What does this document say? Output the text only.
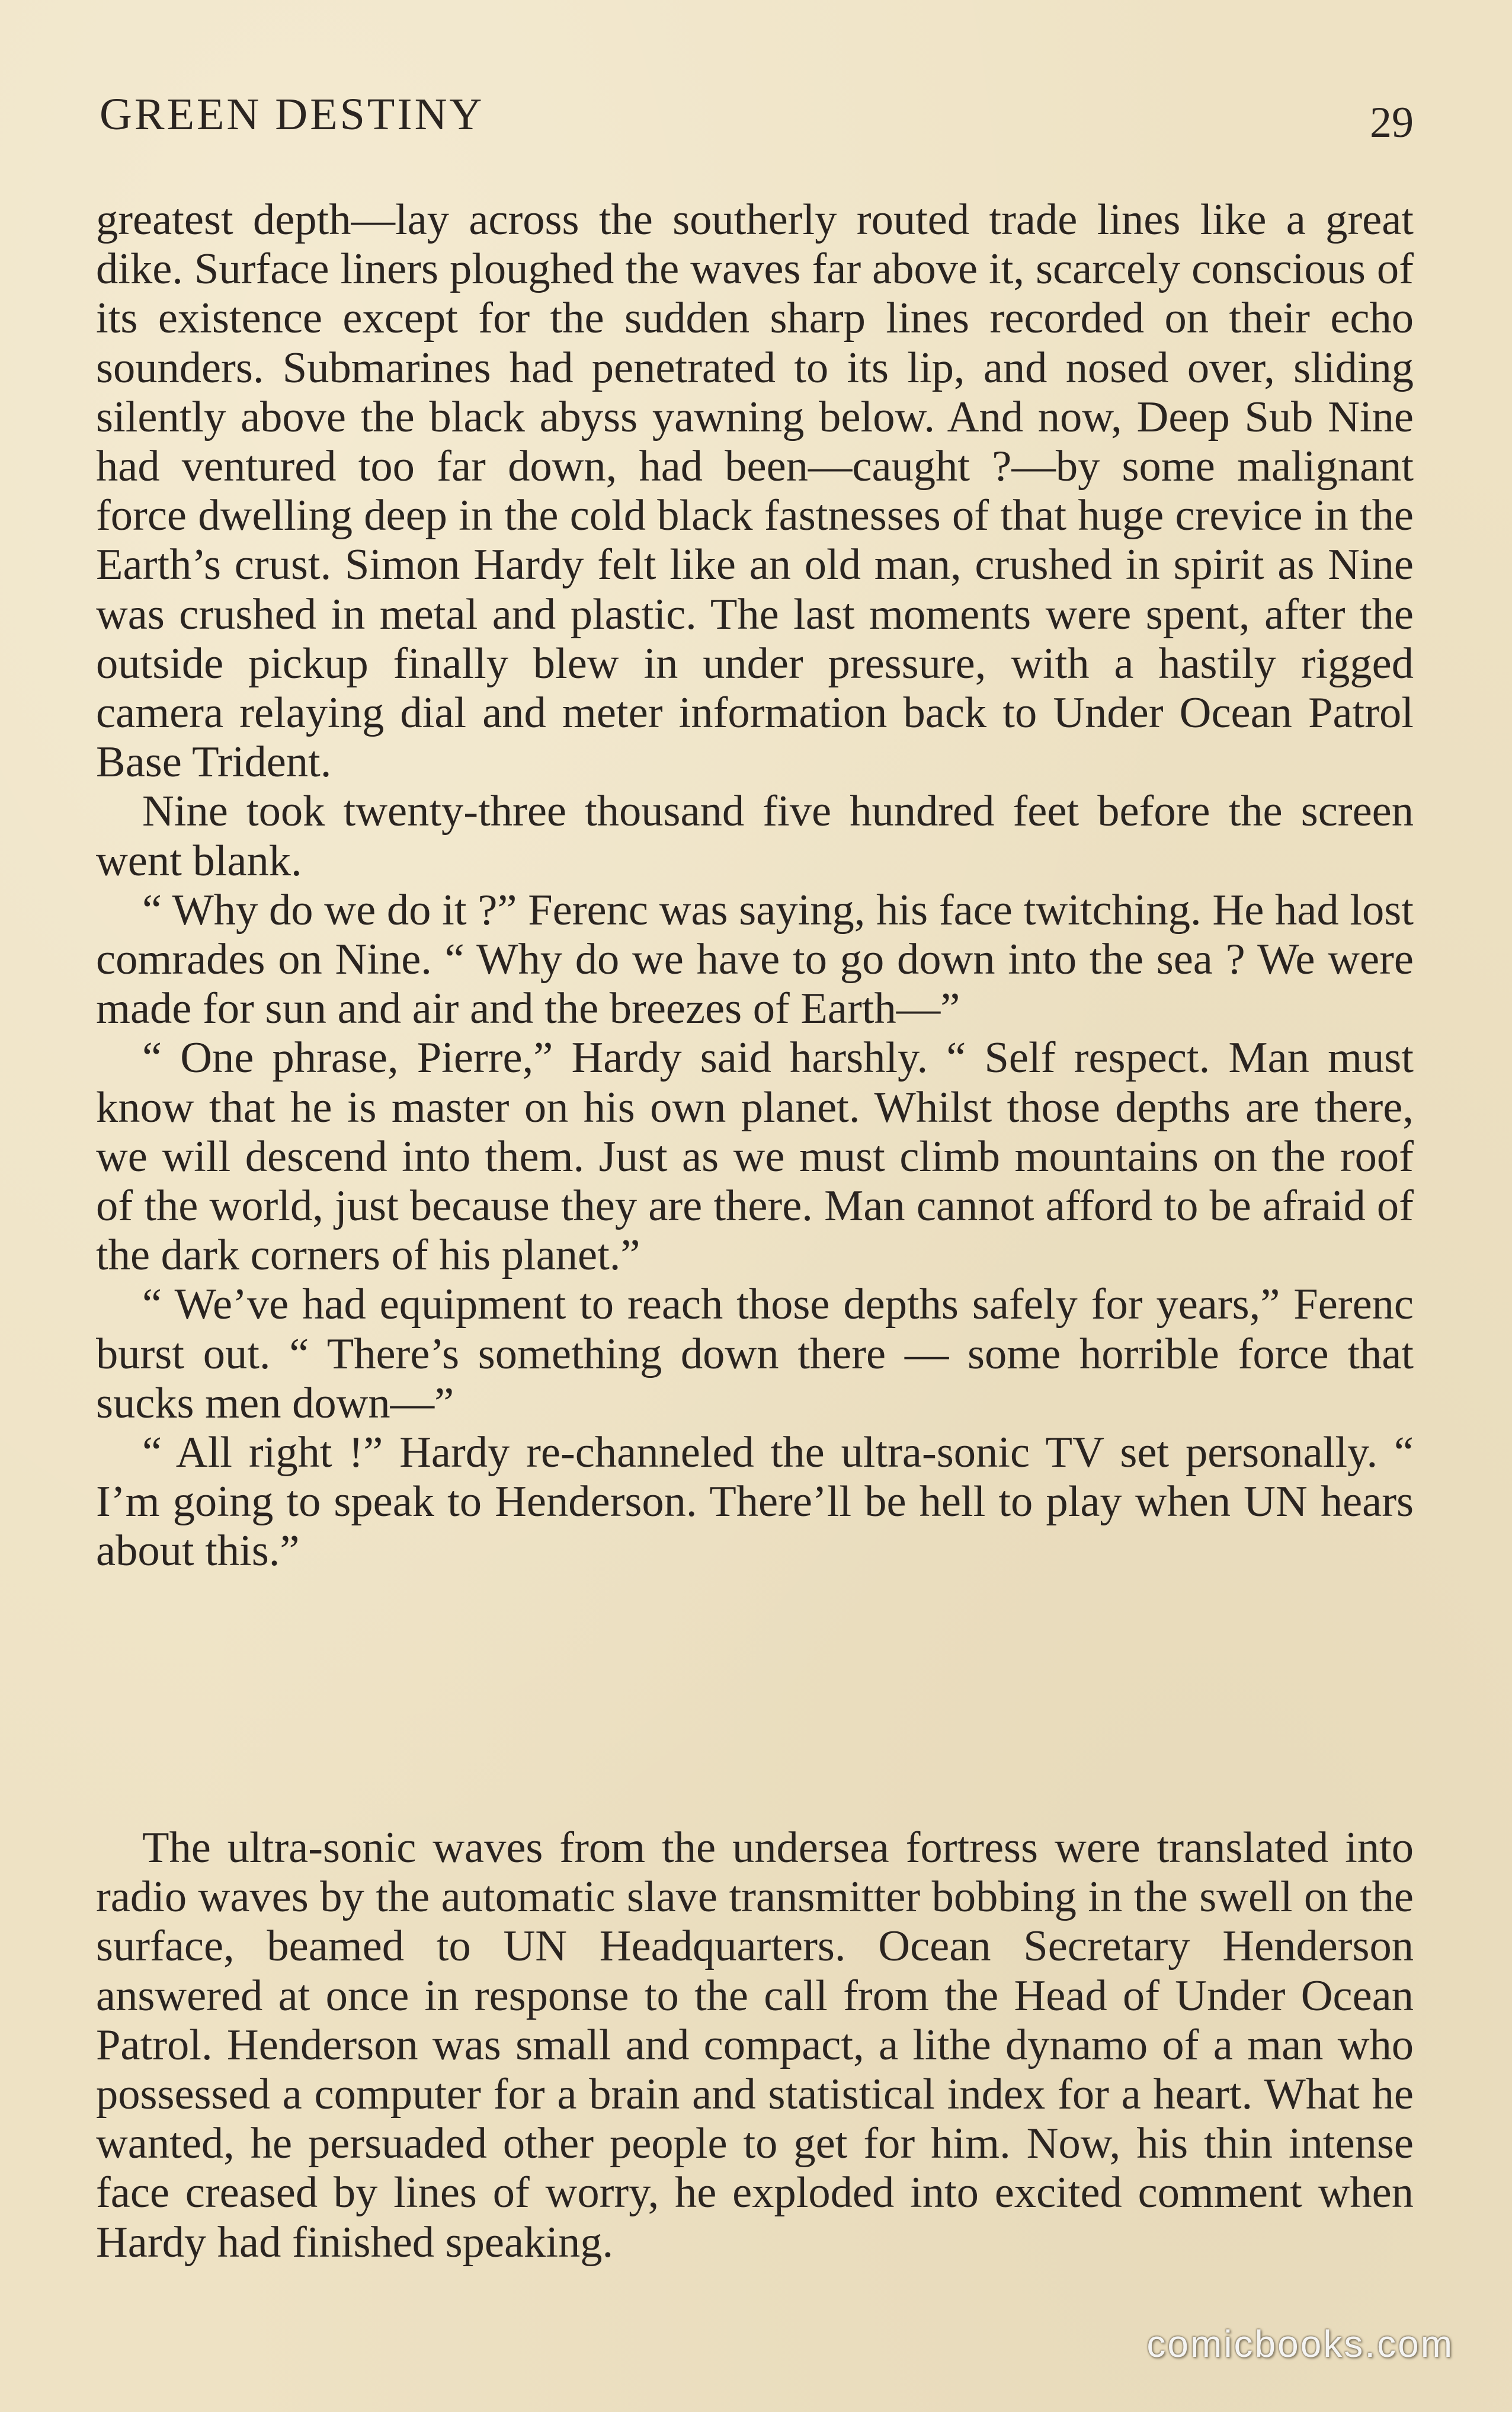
GREEN DESTINY	29

greatest depth—lay across the southerly routed trade lines like a great dike. Surface liners ploughed the waves far above it, scarcely conscious of its existence except for the sudden sharp lines recorded on their echo sounders. Submarines had penetrated to its lip, and nosed over, sliding silently above the black abyss yawning below. And now, Deep Sub Nine had ventured too far down, had been—caught ?—by some malignant force dwelling deep in the cold black fastnesses of that huge crevice in the Earth’s crust. Simon Hardy felt like an old man, crushed in spirit as Nine was crushed in metal and plastic. The last moments were spent, after the outside pickup finally blew in under pressure, with a hastily rigged camera relaying dial and meter information back to Under Ocean Patrol Base Trident.

Nine took twenty-three thousand five hundred feet before the screen went blank.

“ Why do we do it ?” Ferenc was saying, his face twitching. He had lost comrades on Nine. “ Why do we have to go down into the sea ? We were made for sun and air and the breezes of Earth—”

“ One phrase, Pierre,” Hardy said harshly. “ Self respect. Man must know that he is master on his own planet. Whilst those depths are there, we will descend into them. Just as we must climb mountains on the roof of the world, just because they are there. Man cannot afford to be afraid of the dark corners of his planet.”

“ We’ve had equipment to reach those depths safely for years,” Ferenc burst out. “ There’s something down there — some horrible force that sucks men down—”

“ All right !” Hardy re-channeled the ultra-sonic TV set personally. “ I’m going to speak to Henderson. There’ll be hell to play when UN hears about this.”

The ultra-sonic waves from the undersea fortress were translated into radio waves by the automatic slave transmitter bobbing in the swell on the surface, beamed to UN Headquarters. Ocean Secretary Henderson answered at once in response to the call from the Head of Under Ocean Patrol. Henderson was small and compact, a lithe dynamo of a man who possessed a computer for a brain and statistical index for a heart. What he wanted, he persuaded other people to get for him. Now, his thin intense face creased by lines of worry, he exploded into excited comment when Hardy had finished speaking.

comicbooks.com
